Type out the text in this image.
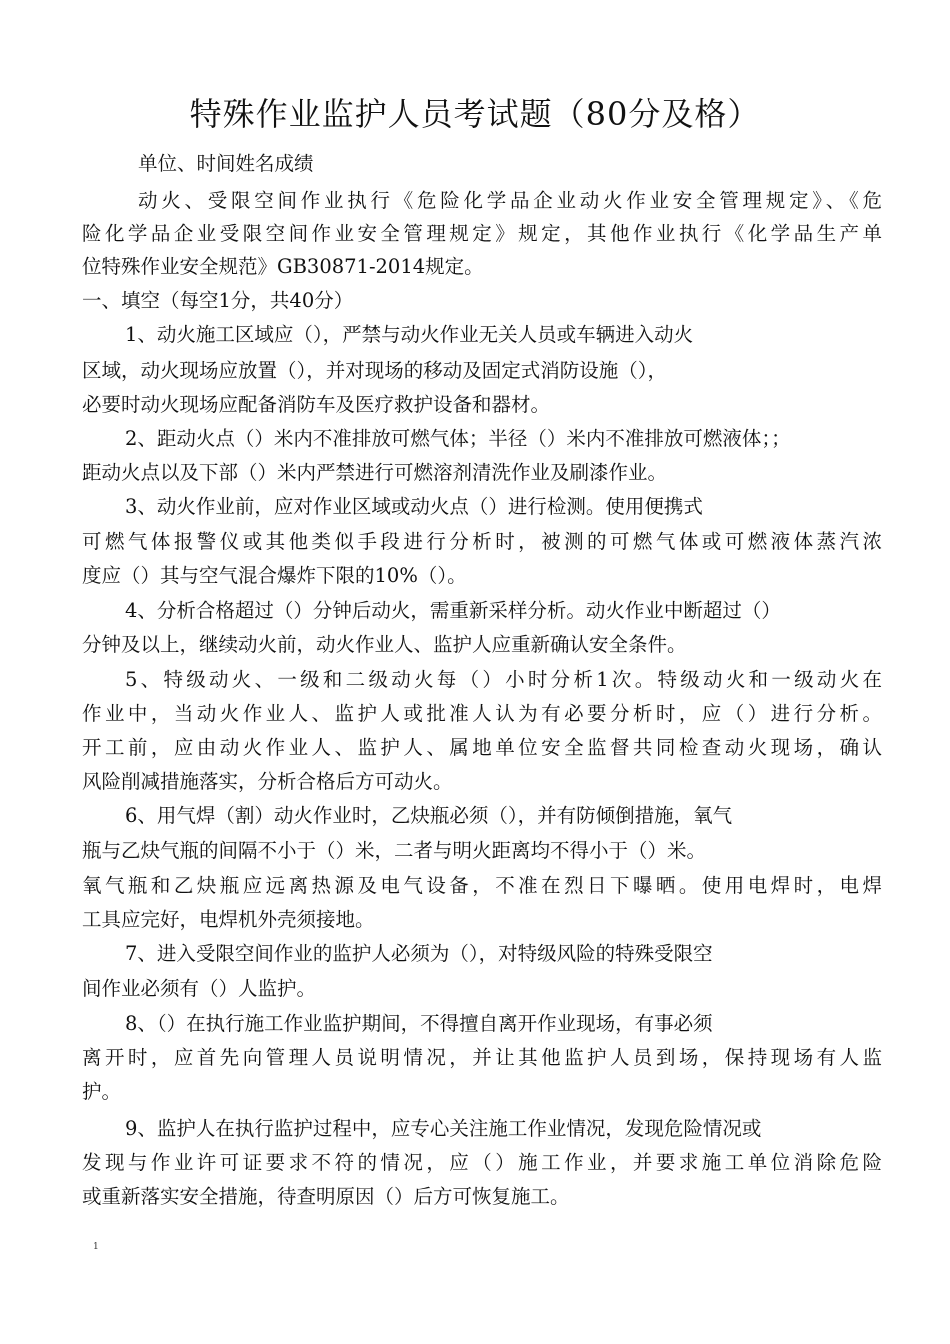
特殊作业监护人员考试题（80分及格）
单位、时间姓名成绩
动火、受限空间作业执行《危险化学品企业动火作业安全管理规定》、《危
险化学品企业受限空间作业安全管理规定》规定，其他作业执行《化学品生产单
位特殊作业安全规范》GB30871-2014规定。
一、填空（每空1分，共40分）
1、动火施工区域应（），严禁与动火作业无关人员或车辆进入动火
区域，动火现场应放置（），并对现场的移动及固定式消防设施（），
必要时动火现场应配备消防车及医疗救护设备和器材。
2、距动火点（）米内不准排放可燃气体；半径（）米内不准排放可燃液体；；
距动火点以及下部（）米内严禁进行可燃溶剂清洗作业及刷漆作业。
3、动火作业前，应对作业区域或动火点（）进行检测。使用便携式
可燃气体报警仪或其他类似手段进行分析时，被测的可燃气体或可燃液体蒸汽浓
度应（）其与空气混合爆炸下限的10%（）。
4、分析合格超过（）分钟后动火，需重新采样分析。动火作业中断超过（）
分钟及以上，继续动火前，动火作业人、监护人应重新确认安全条件。
5、特级动火、一级和二级动火每（）小时分析1次。特级动火和一级动火在
作业中，当动火作业人、监护人或批准人认为有必要分析时，应（）进行分析。
开工前，应由动火作业人、监护人、属地单位安全监督共同检查动火现场，确认
风险削减措施落实，分析合格后方可动火。
6、用气焊（割）动火作业时，乙炔瓶必须（），并有防倾倒措施，氧气
瓶与乙炔气瓶的间隔不小于（）米，二者与明火距离均不得小于（）米。
氧气瓶和乙炔瓶应远离热源及电气设备，不准在烈日下曝晒。使用电焊时，电焊
工具应完好，电焊机外壳须接地。
7、进入受限空间作业的监护人必须为（），对特级风险的特殊受限空
间作业必须有（）人监护。
8、（）在执行施工作业监护期间，不得擅自离开作业现场，有事必须
离开时，应首先向管理人员说明情况，并让其他监护人员到场，保持现场有人监
护。
9、监护人在执行监护过程中，应专心关注施工作业情况，发现危险情况或
发现与作业许可证要求不符的情况，应（）施工作业，并要求施工单位消除危险
或重新落实安全措施，待查明原因（）后方可恢复施工。
1
